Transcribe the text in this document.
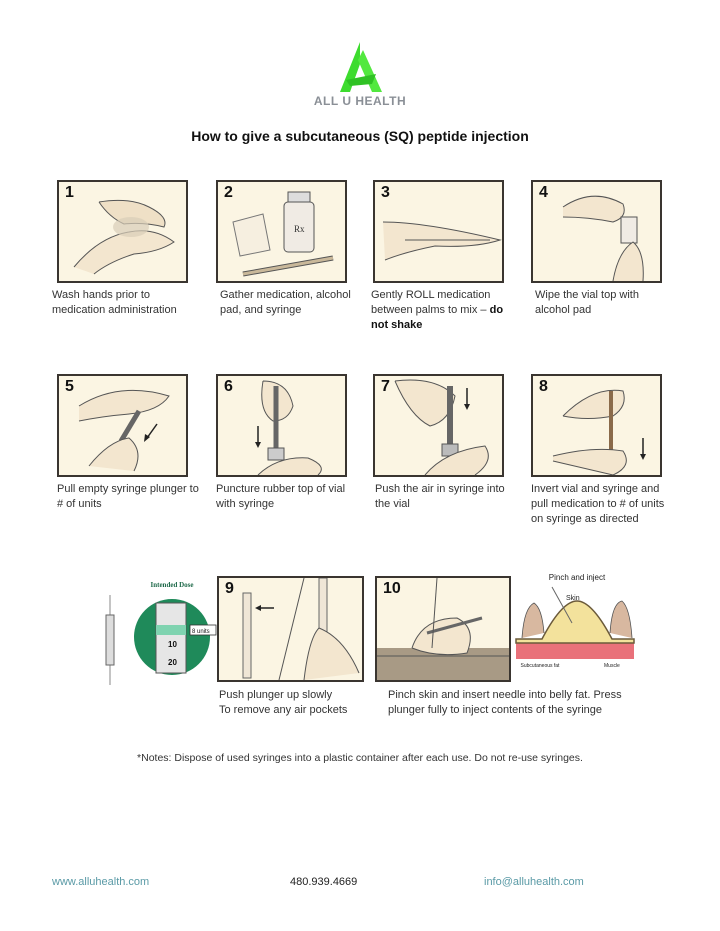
ALL U HEALTH
How to give a subcutaneous (SQ) peptide injection
1	2
Rx
3	4
Wash hands prior to medication administration
Gather medication, alcohol pad, and syringe
Gently ROLL medication between palms to mix – do not shake
Wipe the vial top with alcohol pad
5	6	7	8
Pull empty syringe plunger to # of units
Puncture rubber top of vial with syringe
Push the air in syringe into the vial
Invert vial and syringe and pull medication to # of units on syringe as directed
8 units
10
20
Intended Dose	9	10
Pinch and inject
Skin
Subcutaneous fat	Muscle
Push plunger up slowly
To remove any air pockets
Pinch skin and insert needle into belly fat. Press
plunger fully to inject contents of the syringe
*Notes: Dispose of used syringes into a plastic container after each use. Do not re-use syringes.
www.alluhealth.com	480.939.4669	info@alluhealth.com
